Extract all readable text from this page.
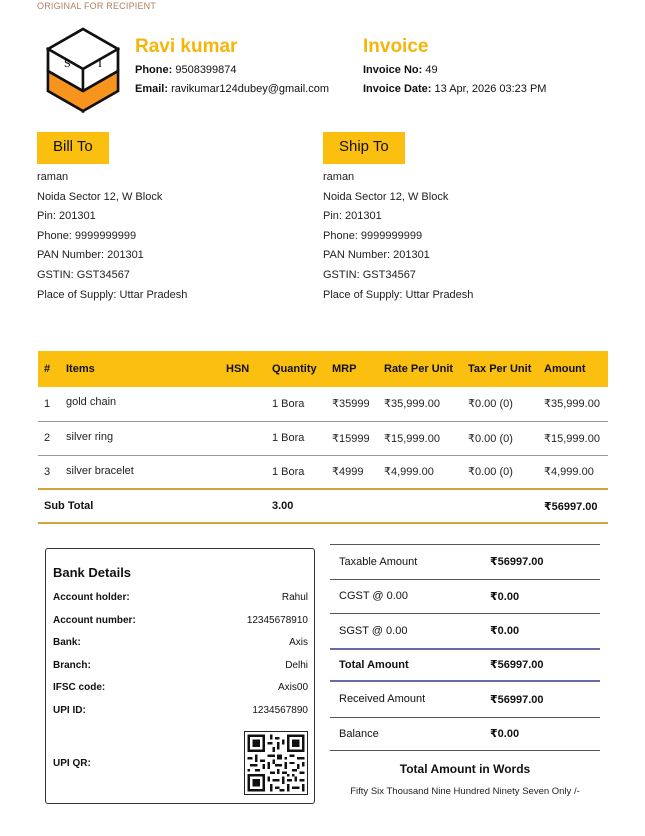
ORIGINAL FOR RECIPIENT
S I
Ravi kumar
Phone: 9508399874
Email: ravikumar124dubey@gmail.com
Invoice
Invoice No: 49
Invoice Date: 13 Apr, 2026 03:23 PM
Bill To
raman
Noida Sector 12, W Block
Pin: 201301
Phone: 9999999999
PAN Number: 201301
GSTIN: GST34567
Place of Supply: Uttar Pradesh
Ship To
raman
Noida Sector 12, W Block
Pin: 201301
Phone: 9999999999
PAN Number: 201301
GSTIN: GST34567
Place of Supply: Uttar Pradesh
#	Items	HSN	Quantity	MRP	Rate Per Unit	Tax Per Unit	Amount
1	gold chain		1 Bora	₹35999	₹35,999.00	₹0.00 (0)	₹35,999.00
2	silver ring		1 Bora	₹15999	₹15,999.00	₹0.00 (0)	₹15,999.00
3	silver bracelet		1 Bora	₹4999	₹4,999.00	₹0.00 (0)	₹4,999.00
Sub Total			3.00				₹56997.00
Bank Details
Account holder:	Rahul
Account number:	12345678910
Bank:	Axis
Branch:	Delhi
IFSC code:	Axis00
UPI ID:	1234567890
UPI QR:
Taxable Amount	₹56997.00
CGST @ 0.00	₹0.00
SGST @ 0.00	₹0.00
Total Amount	₹56997.00
Received Amount	₹56997.00
Balance	₹0.00
Total Amount in Words
Fifty Six Thousand Nine Hundred Ninety Seven Only /-
